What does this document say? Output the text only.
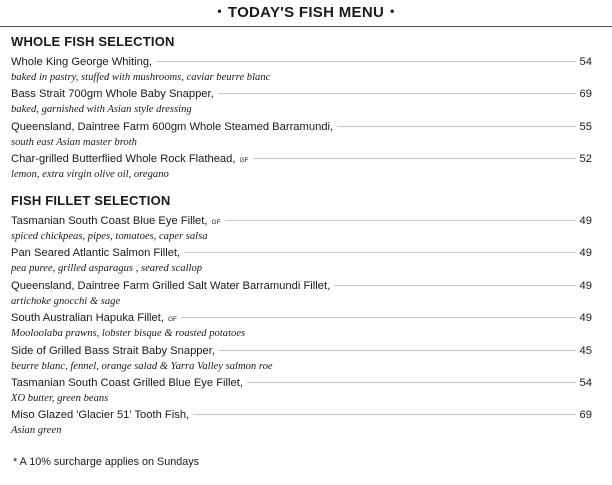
• TODAY'S FISH MENU •
WHOLE FISH SELECTION
Whole King George Whiting,	54
baked in pastry, stuffed with mushrooms, caviar beurre blanc
Bass Strait 700gm Whole Baby Snapper,	69
baked, garnished with Asian style dressing
Queensland, Daintree Farm 600gm Whole Steamed Barramundi,	55
south east Asian master broth
Char-grilled Butterflied Whole Rock Flathead, GF	52
lemon, extra virgin olive oil, oregano
FISH FILLET SELECTION
Tasmanian South Coast Blue Eye Fillet, GF	49
spiced chickpeas, pipes, tomatoes, caper salsa
Pan Seared Atlantic Salmon Fillet,	49
pea puree, grilled asparagus , seared scallop
Queensland, Daintree Farm Grilled Salt Water Barramundi Fillet,	49
artichoke gnocchi & sage
South Australian Hapuka Fillet, GF	49
Mooloolaba prawns, lobster bisque & roasted potatoes
Side of Grilled Bass Strait Baby Snapper,	45
beurre blanc, fennel, orange salad & Yarra Valley salmon roe
Tasmanian South Coast Grilled Blue Eye Fillet,	54
XO butter, green beans
Miso Glazed 'Glacier 51' Tooth Fish,	69
Asian green
* A 10% surcharge applies on Sundays
